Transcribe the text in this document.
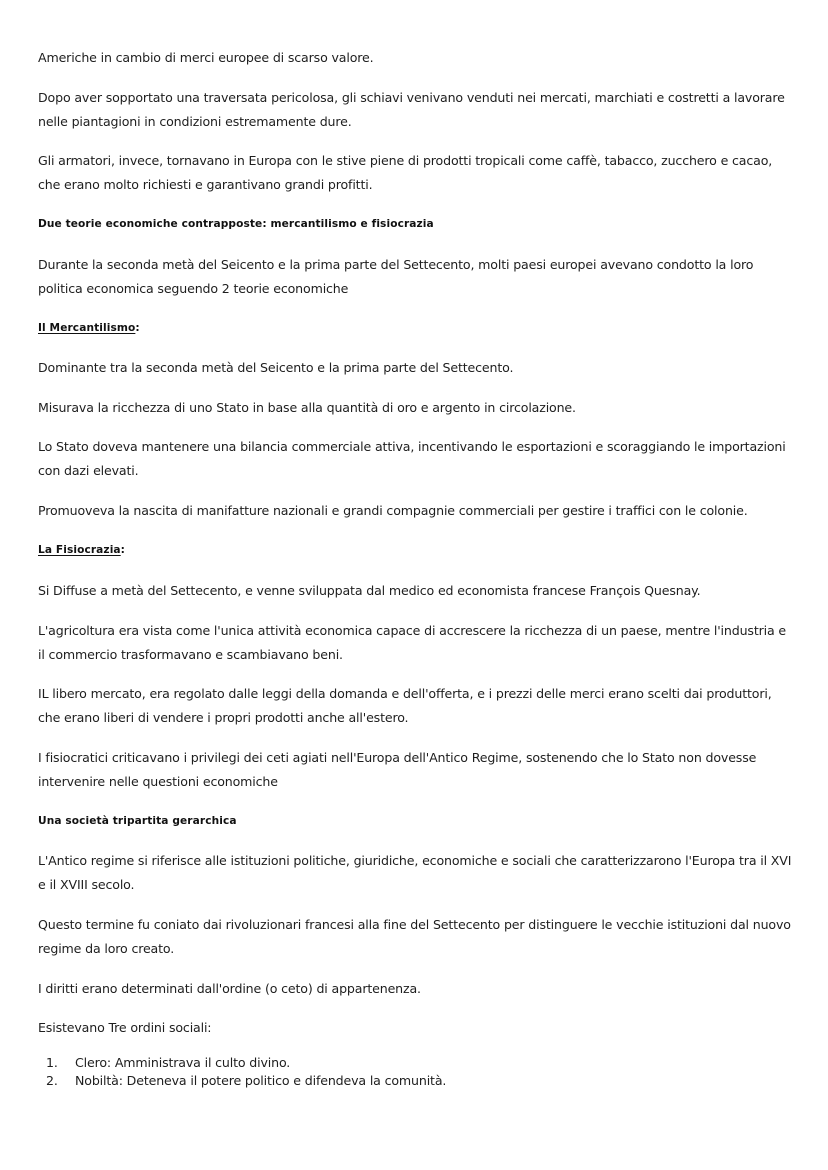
Americhe in cambio di merci europee di scarso valore.

Dopo aver sopportato una traversata pericolosa, gli schiavi venivano venduti nei mercati, marchiati e costretti a lavorare nelle piantagioni in condizioni estremamente dure.

Gli armatori, invece, tornavano in Europa con le stive piene di prodotti tropicali come caffè, tabacco, zucchero e cacao, che erano molto richiesti e garantivano grandi profitti.

Due teorie economiche contrapposte: mercantilismo e fisiocrazia

Durante la seconda metà del Seicento e la prima parte del Settecento, molti paesi europei avevano condotto la loro politica economica seguendo 2 teorie economiche

Il Mercantilismo:

Dominante tra la seconda metà del Seicento e la prima parte del Settecento.

Misurava la ricchezza di uno Stato in base alla quantità di oro e argento in circolazione.

Lo Stato doveva mantenere una bilancia commerciale attiva, incentivando le esportazioni e scoraggiando le importazioni con dazi elevati.

Promuoveva la nascita di manifatture nazionali e grandi compagnie commerciali per gestire i traffici con le colonie.

La Fisiocrazia:

Si Diffuse a metà del Settecento, e venne sviluppata dal medico ed economista francese François Quesnay.

L'agricoltura era vista come l'unica attività economica capace di accrescere la ricchezza di un paese, mentre l'industria e il commercio trasformavano e scambiavano beni.

IL libero mercato, era regolato dalle leggi della domanda e dell'offerta, e i prezzi delle merci erano scelti dai produttori, che erano liberi di vendere i propri prodotti anche all'estero.

I fisiocratici criticavano i privilegi dei ceti agiati nell'Europa dell'Antico Regime, sostenendo che lo Stato non dovesse intervenire nelle questioni economiche

Una società tripartita gerarchica

L'Antico regime si riferisce alle istituzioni politiche, giuridiche, economiche e sociali che caratterizzarono l'Europa tra il XVI e il XVIII secolo.

Questo termine fu coniato dai rivoluzionari francesi alla fine del Settecento per distinguere le vecchie istituzioni dal nuovo regime da loro creato.

I diritti erano determinati dall'ordine (o ceto) di appartenenza.

Esistevano Tre ordini sociali:

1.	Clero: Amministrava il culto divino.
2.	Nobiltà: Deteneva il potere politico e difendeva la comunità.
